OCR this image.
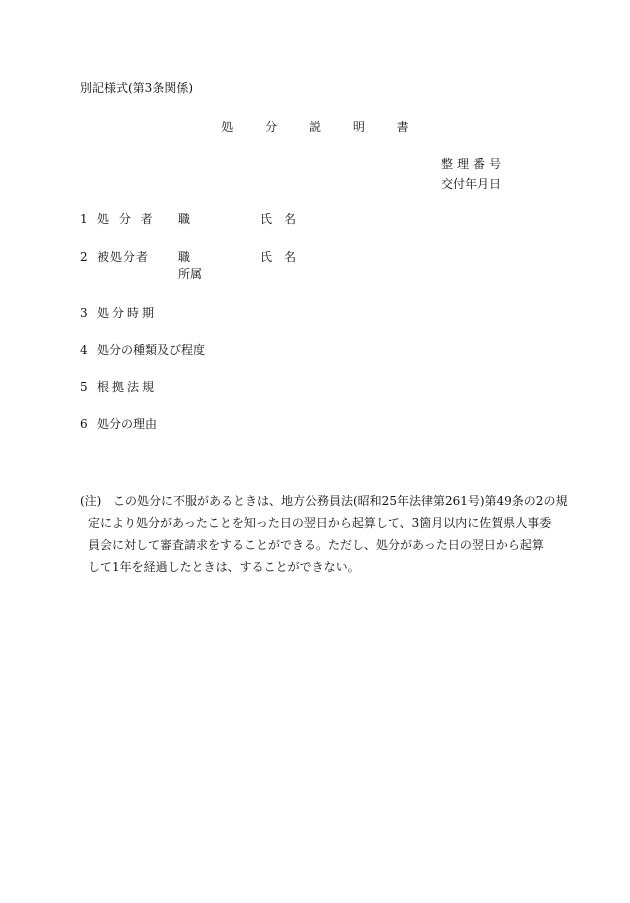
別記様式(第3条関係)
処	分	説	明	書
整理番号
交付年月日
1 処 分 者 職	氏　名
2 被処分者 職	氏　名
所属
3 処分時期
4 処分の種類及び程度
5 根拠法規
6 処分の理由
(注) この処分に不服があるときは、地方公務員法(昭和25年法律第261号)第49条の2の規
定により処分があったことを知った日の翌日から起算して、3箇月以内に佐賀県人事委
員会に対して審査請求をすることができる。ただし、処分があった日の翌日から起算
して1年を経過したときは、することができない。
